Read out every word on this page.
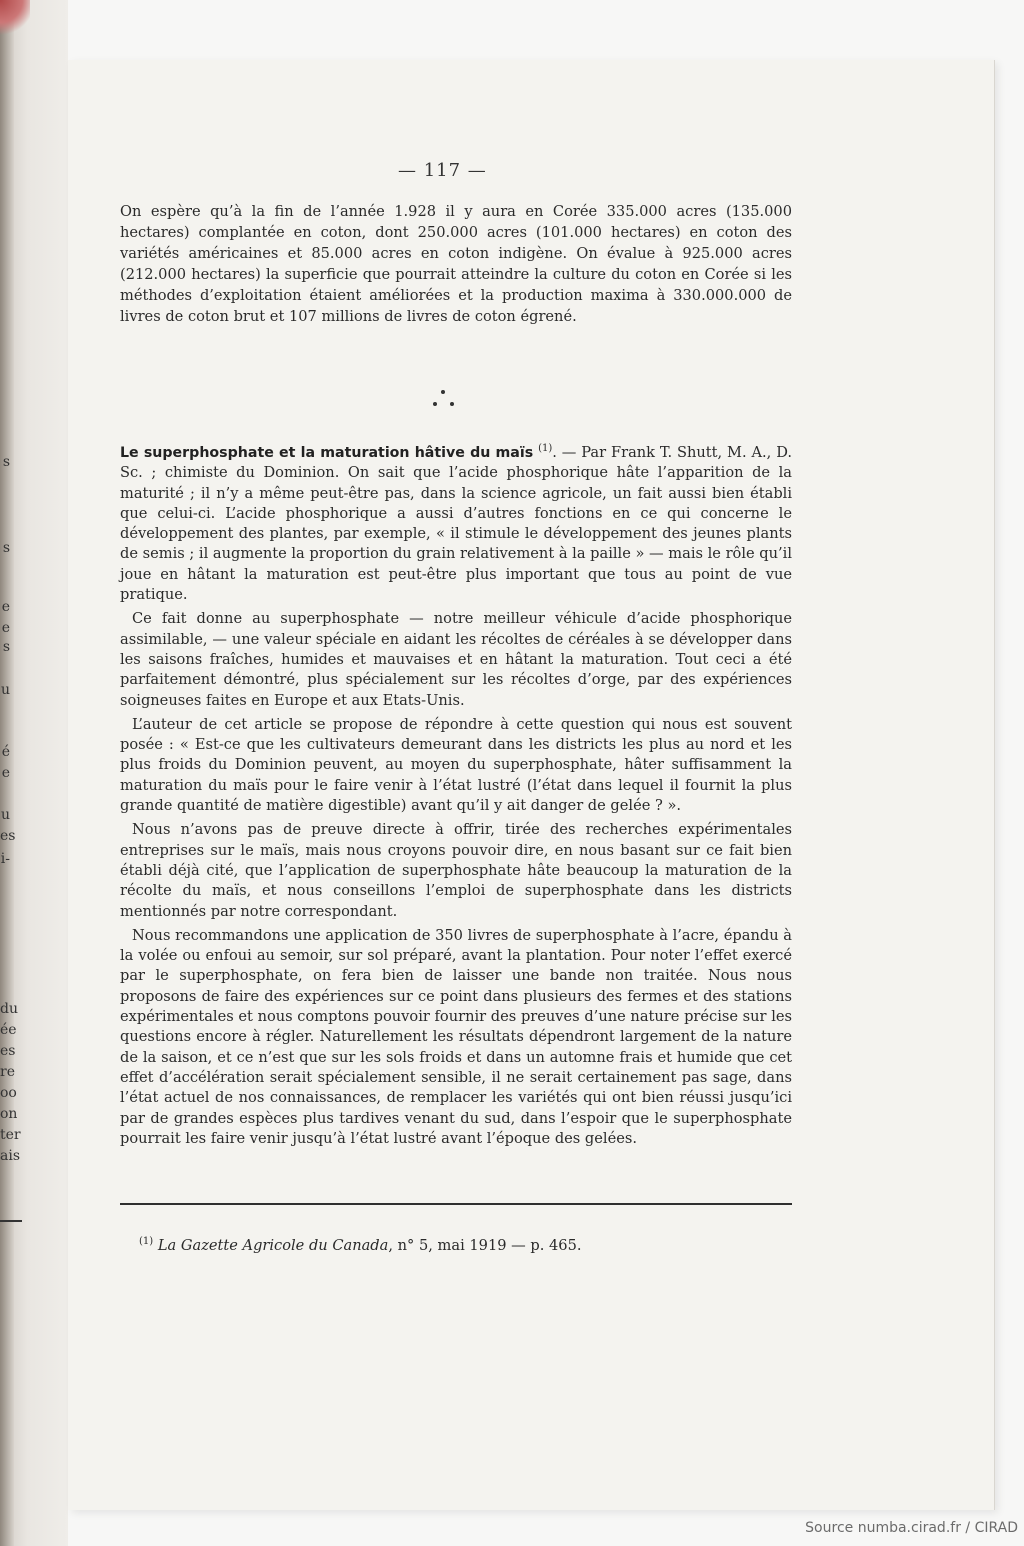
s
s
e
e
s
u
é
e
u
es
i-
du
ée
es
re
oo
on
ter
ais
— 117 —

On espère qu’à la fin de l’année 1.928 il y aura en Corée 335.000 acres (135.000 hectares) complantée en coton, dont 250.000 acres (101.000 hectares) en coton des variétés américaines et 85.000 acres en coton indigène. On évalue à 925.000 acres (212.000 hectares) la superficie que pourrait atteindre la culture du coton en Corée si les méthodes d’exploitation étaient améliorées et la production maxima à 330.000.000 de livres de coton brut et 107 millions de livres de coton égrené.

Le superphosphate et la maturation hâtive du maïs $^{(1)}$. — Par Frank T. Shutt, M. A., D. Sc. ; chimiste du Dominion. On sait que l’acide phosphorique hâte l’apparition de la maturité ; il n’y a même peut-être pas, dans la science agricole, un fait aussi bien établi que celui-ci. L’acide phosphorique a aussi d’autres fonctions en ce qui concerne le développement des plantes, par exemple, « il stimule le développement des jeunes plants de semis ; il augmente la proportion du grain relativement à la paille » — mais le rôle qu’il joue en hâtant la maturation est peut-être plus important que tous au point de vue pratique.

Ce fait donne au superphosphate — notre meilleur véhicule d’acide phosphorique assimilable, — une valeur spéciale en aidant les récoltes de céréales à se développer dans les saisons fraîches, humides et mauvaises et en hâtant la maturation. Tout ceci a été parfaitement démontré, plus spécialement sur les récoltes d’orge, par des expériences soigneuses faites en Europe et aux Etats-Unis.

L’auteur de cet article se propose de répondre à cette question qui nous est souvent posée : « Est-ce que les cultivateurs demeurant dans les districts les plus au nord et les plus froids du Dominion peuvent, au moyen du superphosphate, hâter suffisamment la maturation du maïs pour le faire venir à l’état lustré (l’état dans lequel il fournit la plus grande quantité de matière digestible) avant qu’il y ait danger de gelée ? ».

Nous n’avons pas de preuve directe à offrir, tirée des recherches expérimentales entreprises sur le maïs, mais nous croyons pouvoir dire, en nous basant sur ce fait bien établi déjà cité, que l’application de superphosphate hâte beaucoup la maturation de la récolte du maïs, et nous conseillons l’emploi de superphosphate dans les districts mentionnés par notre correspondant.

Nous recommandons une application de 350 livres de superphosphate à l’acre, épandu à la volée ou enfoui au semoir, sur sol préparé, avant la plantation. Pour noter l’effet exercé par le superphosphate, on fera bien de laisser une bande non traitée. Nous nous proposons de faire des expériences sur ce point dans plusieurs des fermes et des stations expérimentales et nous comptons pouvoir fournir des preuves d’une nature précise sur les questions encore à régler. Naturellement les résultats dépendront largement de la nature de la saison, et ce n’est que sur les sols froids et dans un automne frais et humide que cet effet d’accélération serait spécialement sensible, il ne serait certainement pas sage, dans l’état actuel de nos connaissances, de remplacer les variétés qui ont bien réussi jusqu’ici par de grandes espèces plus tardives venant du sud, dans l’espoir que le superphosphate pourrait les faire venir jusqu’à l’état lustré avant l’époque des gelées.

$^{(1)}$ La Gazette Agricole du Canada, n° 5, mai 1919 — p. 465.
Source numba.cirad.fr / CIRAD
